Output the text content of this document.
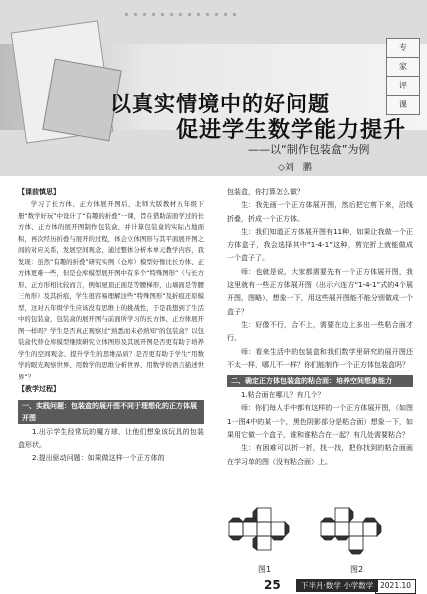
专
家
评
课
以真实情境中的好问题
促进学生数学能力提升
——以“制作包装盒”为例
◇刘　鹏

【课前慎思】

学习了长方体、正方体展开图后，北师大版教材五年级下册“数学好玩”中设计了“有趣的折叠”一课，旨在借助前面学过的长方体、正方体的展开图制作包装盒，并计算包装盒的实际占地面积，再次经历折叠与展开的过程，体会立体图形与其平面展开图之间的对应关系，发展空间观念，通过整体分析本单元教学内容，我发现：虽然“有趣的折叠”研究实例（仓库）模型好像比长方体、正方体更难一些，但是仓库模型展开图中有多个“特殊图形”（与长方形、正方形相比较而言，例如屋顶正面是等腰梯形，山墙面是等腰三角形）及其折痕，学生很容易理解这些“特殊图形”及折痕还原模型，这对五年级学生应该没有思维上的挑战性，于是我想到了生活中的包装盒，包装盒的展开图与前面所学习的长方体、正方体展开图一样吗？学生是否真正观察过“熟悉而未必熟知”的包装盒？以包装盒代替仓库模型继续研究立体图形及其展开图是否更有助于培养学生的空间观念、提升学生的思维品质？是否更有助于学生“用数学的眼光观察世界、用数学的思维分析世界、用数学的语言描述世界”？

【教学过程】

一、实践问题：包装盒的展开图不同于理想化的正方体展开图

1.出示学生经常玩的魔方球，让他们想象该玩具的包装盒形状。

2.提出驱动问题：如果做这样一个正方体的

包装盒，你打算怎么做？

生：我先画一个正方体展开图，然后把它剪下来，沿线折叠，折成一个正方体。

生：我们知道正方体展开图有11种，如果让我做一个正方体盒子，我会选择其中“1-4-1”这种，剪完折上就能做成一个盒子了。

师：也就是说，大家都需要先有一个正方体展开图，我这里就有一些正方体展开图（出示六连方“1-4-1”式的4个展开图，图略），想象一下，用这些展开图能不能分别做成一个盒子？

生：好像不行，合不上，需要在边上多出一些粘合面才行。

师：看来生活中的包装盒和我们数学里研究的展开图还不太一样，哪儿不一样？你们能制作一个正方体包装盒吗？

二、确定正方体包装盒的粘合面：培养空间想象能力

1.粘合面在哪儿？有几个？

师：你们每人手中都有这样的一个正方体展开图，（如图1一图4中的某一个，黑色阴影部分是粘合面）想象一下，如果用它做一个盒子，谁和谁粘合在一起？有几处需要粘合？

生：有困难可以折一折，找一找，把你找到的粘合面画在学习单的图（没有粘合面）上。

图1	图2
25	下半月·数学 小学数学 2021.10
